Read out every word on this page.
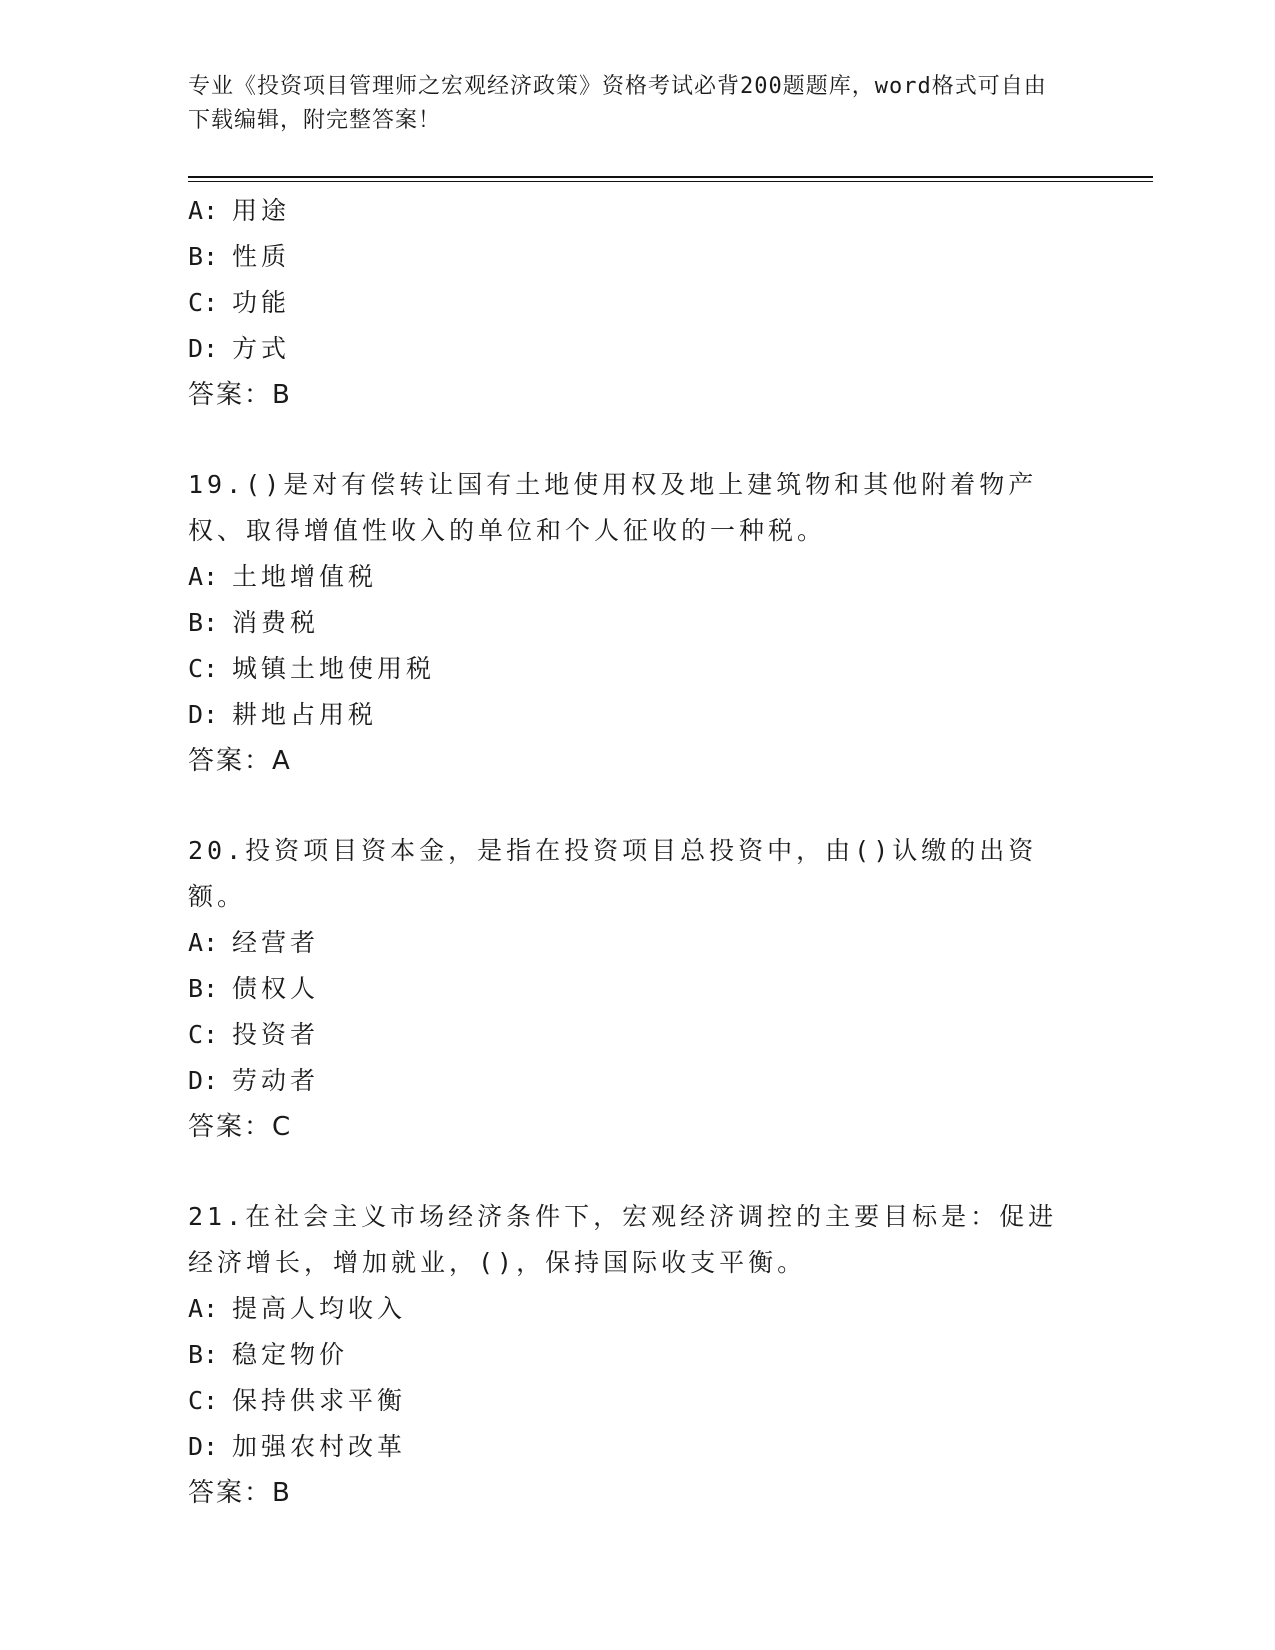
专业《投资项目管理师之宏观经济政策》资格考试必背200题题库，word格式可自由下载编辑，附完整答案！
A: 用途
B: 性质
C: 功能
D: 方式
答案：B
19.()是对有偿转让国有土地使用权及地上建筑物和其他附着物产权、取得增值性收入的单位和个人征收的一种税。
A: 土地增值税
B: 消费税
C: 城镇土地使用税
D: 耕地占用税
答案：A
20.投资项目资本金，是指在投资项目总投资中，由()认缴的出资额。
A: 经营者
B: 债权人
C: 投资者
D: 劳动者
答案：C
21.在社会主义市场经济条件下，宏观经济调控的主要目标是：促进经济增长，增加就业，()，保持国际收支平衡。
A: 提高人均收入
B: 稳定物价
C: 保持供求平衡
D: 加强农村改革
答案：B
